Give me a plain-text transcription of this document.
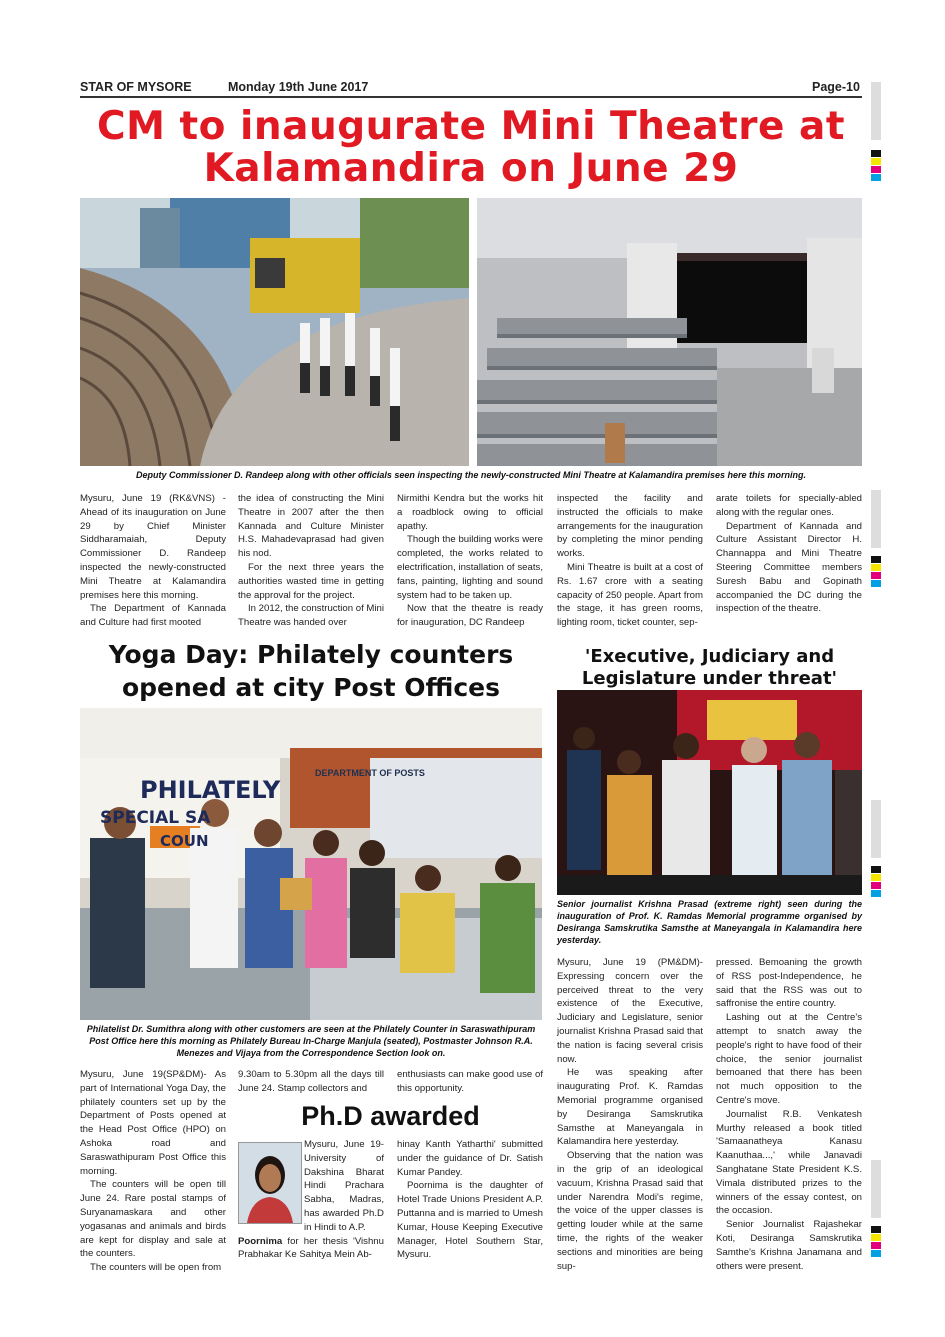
STAR OF MYSORE	Monday 19th June 2017	Page-10
CM to inaugurate Mini Theatre at
Kalamandira on June 29
Deputy Commissioner D. Randeep along with other officials seen inspecting the newly-constructed Mini Theatre at Kalamandira premises here this morning.

Mysuru, June 19 (RK&VNS) - Ahead of its inauguration on June 29 by Chief Minister Siddharamaiah, Deputy Commissioner D. Randeep inspected the newly-constructed Mini Theatre at Kalamandira premises here this morning.

The Department of Kannada and Culture had first mooted

the idea of constructing the Mini Theatre in 2007 after the then Kannada and Culture Minister H.S. Mahadevaprasad had given his nod.

For the next three years the authorities wasted time in getting the approval for the project.

In 2012, the construction of Mini Theatre was handed over

Nirmithi Kendra but the works hit a roadblock owing to official apathy.

Though the building works were completed, the works related to electrification, installation of seats, fans, painting, lighting and sound system had to be taken up.

Now that the theatre is ready for inauguration, DC Randeep

inspected the facility and instructed the officials to make arrangements for the inauguration by completing the minor pending works.

Mini Theatre is built at a cost of Rs. 1.67 crore with a seating capacity of 250 people. Apart from the stage, it has green rooms, lighting room, ticket counter, sep-

arate toilets for specially-abled along with the regular ones.

Department of Kannada and Culture Assistant Director H. Channappa and Mini Theatre Steering Committee members Suresh Babu and Gopinath accompanied the DC during the inspection of the theatre.

Yoga Day: Philately counters
opened at city Post Offices
DEPARTMENT OF POSTS
PHILATELY
SPECIAL SA
COUN
Philatelist Dr. Sumithra along with other customers are seen at the Philately Counter in Saraswathipuram Post Office here this morning as Philately Bureau In-Charge Manjula (seated), Postmaster Johnson R.A. Menezes and Vijaya from the Correspondence Section look on.

Mysuru, June 19(SP&DM)- As part of International Yoga Day, the philately counters set up by the Department of Posts opened at the Head Post Office (HPO) on Ashoka road and Saraswathipuram Post Office this morning.

The counters will be open till June 24. Rare postal stamps of Suryanamaskara and other yogasanas and animals and birds are kept for display and sale at the counters.

The counters will be open from

9.30am to 5.30pm all the days till June 24. Stamp collectors and

enthusiasts can make good use of this opportunity.

Ph.D awarded

Mysuru, June 19- University of Dakshina Bharat Hindi Prachara Sabha, Madras, has awarded Ph.D in Hindi to A.P.

Poornima for her thesis 'Vishnu Prabhakar Ke Sahitya Mein Ab-

hinay Kanth Yatharthi' submitted under the guidance of Dr. Satish Kumar Pandey.

Poornima is the daughter of Hotel Trade Unions President A.P. Puttanna and is married to Umesh Kumar, House Keeping Executive Manager, Hotel Southern Star, Mysuru.

'Executive, Judiciary and
Legislature under threat'
Senior journalist Krishna Prasad (extreme right) seen during the inauguration of Prof. K. Ramdas Memorial programme organised by Desiranga Samskrutika Samsthe at Maneyangala in Kalamandira here yesterday.

Mysuru, June 19 (PM&DM)- Expressing concern over the perceived threat to the very existence of the Executive, Judiciary and Legislature, senior journalist Krishna Prasad said that the nation is facing several crisis now.

He was speaking after inaugurating Prof. K. Ramdas Memorial programme organised by Desiranga Samskrutika Samsthe at Maneyangala in Kalamandira here yesterday.

Observing that the nation was in the grip of an ideological vacuum, Krishna Prasad said that under Narendra Modi's regime, the voice of the upper classes is getting louder while at the same time, the rights of the weaker sections and minorities are being sup-

pressed. Bemoaning the growth of RSS post-Independence, he said that the RSS was out to saffronise the entire country.

Lashing out at the Centre's attempt to snatch away the people's right to have food of their choice, the senior journalist bemoaned that there has been not much opposition to the Centre's move.

Journalist R.B. Venkatesh Murthy released a book titled 'Samaanatheya Kanasu Kaanuthaa...,' while Janavadi Sanghatane State President K.S. Vimala distributed prizes to the winners of the essay contest, on the occasion.

Senior Journalist Rajashekar Koti, Desiranga Samskrutika Samthe's Krishna Janamana and others were present.
